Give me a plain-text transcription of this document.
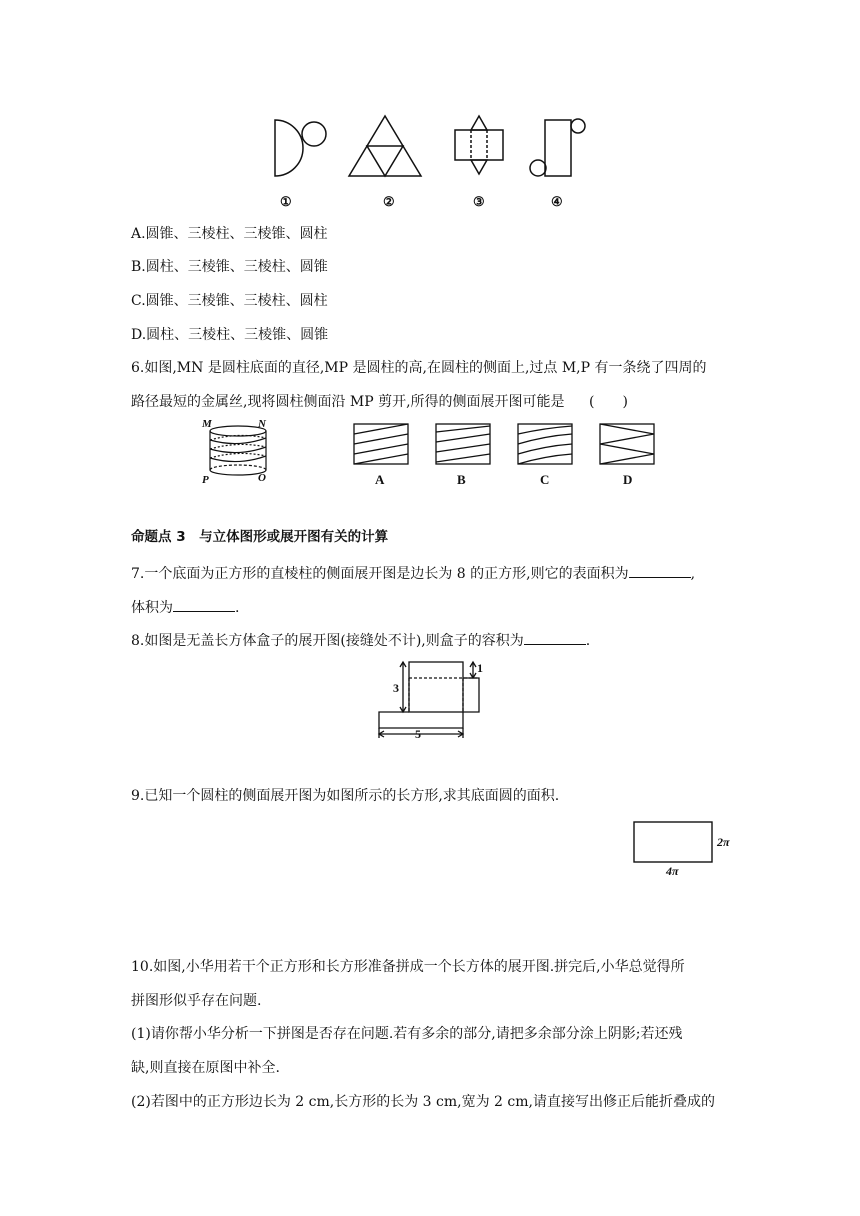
①	②	③	④
A.圆锥、三棱柱、三棱锥、圆柱
B.圆柱、三棱锥、三棱柱、圆锥
C.圆锥、三棱锥、三棱柱、圆柱
D.圆柱、三棱柱、三棱锥、圆锥
6.如图,MN 是圆柱底面的直径,MP 是圆柱的高,在圆柱的侧面上,过点 M,P 有一条绕了四周的
路径最短的金属丝,现将圆柱侧面沿 MP 剪开,所得的侧面展开图可能是 (　　)
M	N
P	O	A	B	C	D
命题点 3　与立体图形或展开图有关的计算
7.一个底面为正方形的直棱柱的侧面展开图是边长为 8 的正方形,则它的表面积为	,
体积为	.
8.如图是无盖长方体盒子的展开图(接缝处不计),则盒子的容积为	.
3
1
5
9.已知一个圆柱的侧面展开图为如图所示的长方形,求其底面圆的面积.
2π
4π
10.如图,小华用若干个正方形和长方形准备拼成一个长方体的展开图.拼完后,小华总觉得所
拼图形似乎存在问题.
(1)请你帮小华分析一下拼图是否存在问题.若有多余的部分,请把多余部分涂上阴影;若还残
缺,则直接在原图中补全.
(2)若图中的正方形边长为 2 cm,长方形的长为 3 cm,宽为 2 cm,请直接写出修正后能折叠成的
